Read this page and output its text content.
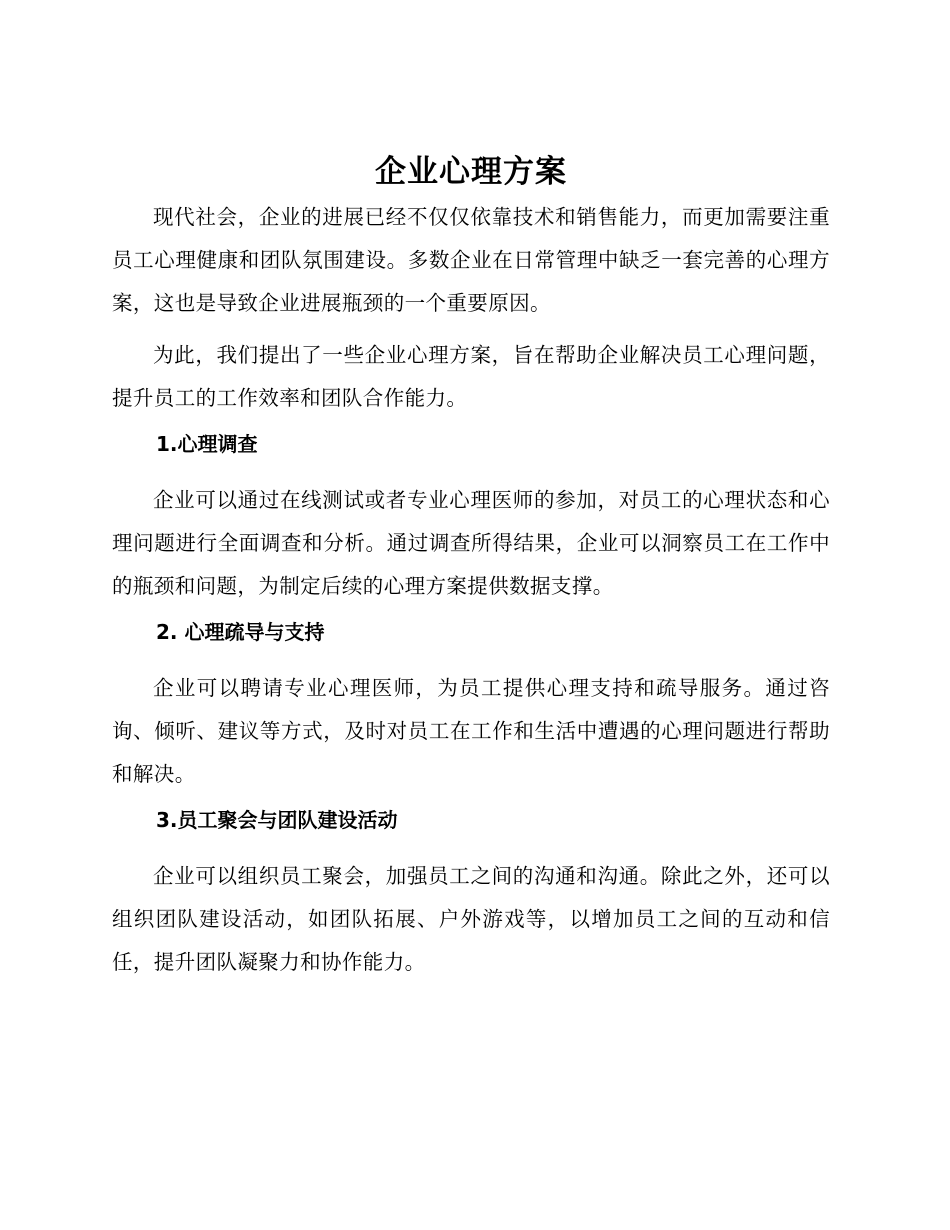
企业心理方案

现代社会，企业的进展已经不仅仅依靠技术和销售能力，而更加需要注重员工心理健康和团队氛围建设。多数企业在日常管理中缺乏一套完善的心理方案，这也是导致企业进展瓶颈的一个重要原因。

为此，我们提出了一些企业心理方案，旨在帮助企业解决员工心理问题，提升员工的工作效率和团队合作能力。

1.心理调查

企业可以通过在线测试或者专业心理医师的参加，对员工的心理状态和心理问题进行全面调查和分析。通过调查所得结果，企业可以洞察员工在工作中的瓶颈和问题，为制定后续的心理方案提供数据支撑。

2. 心理疏导与支持

企业可以聘请专业心理医师，为员工提供心理支持和疏导服务。通过咨询、倾听、建议等方式，及时对员工在工作和生活中遭遇的心理问题进行帮助和解决。

3.员工聚会与团队建设活动

企业可以组织员工聚会，加强员工之间的沟通和沟通。除此之外，还可以组织团队建设活动，如团队拓展、户外游戏等，以增加员工之间的互动和信任，提升团队凝聚力和协作能力。
